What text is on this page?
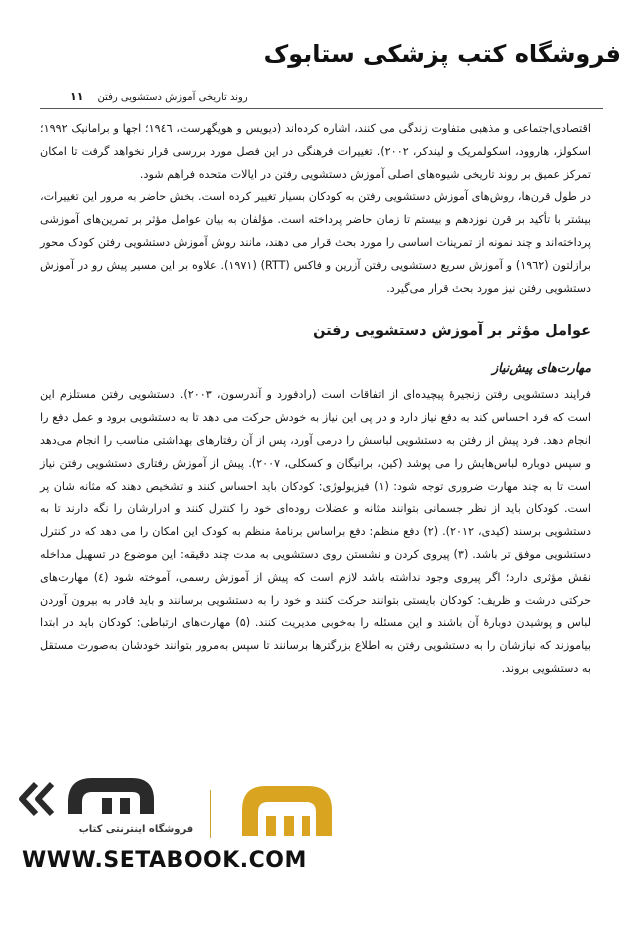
فروشگاه کتب پزشکی ستابوک
روند تاریخی آموزش دستشویی رفتن
۱۱

اقتصادی‌اجتماعی و مذهبی متفاوت زندگی می کنند، اشاره کرده‌اند (دیویس و هویگهرست، ۱۹٤٦؛ اجها و برامانیک ۱۹۹۲؛ اسکولز، هاروود، اسکولمریک و لیندکر، ۲۰۰۲). تغییرات فرهنگی در این فصل مورد بررسی قرار نخواهد گرفت تا امکان تمرکز عمیق بر روند تاریخی شیوه‌های اصلی آموزش دستشویی رفتن در ایالات متحده فراهم شود.

در طول قرن‌ها، روش‌های آموزش دستشویی رفتن به کودکان بسیار تغییر کرده است. بخش حاضر به مرور این تغییرات، بیشتر با تأکید بر قرن نوزدهم و بیستم تا زمان حاضر پرداخته است. مؤلفان به بیان عوامل مؤثر بر تمرین‌های آموزشی پرداخته‌اند و چند نمونه از تمرینات اساسی را مورد بحث قرار می دهند، مانند روش آموزش دستشویی رفتن کودک محور برازلتون (۱۹٦۲) و آموزش سریع دستشویی رفتن آزرین و فاکس (RTT) (۱۹۷۱). علاوه بر این مسیر پیش رو در آموزش دستشویی رفتن نیز مورد بحث قرار می‌گیرد.

عوامل مؤثر بر آموزش دستشویی رفتن

مهارت‌های پیش‌نیاز

فرایند دستشویی رفتن زنجیرهٔ پیچیده‌ای از اتفاقات است (رادفورد و آندرسون، ۲۰۰۳). دستشویی رفتن مستلزم این است که فرد احساس کند به دفع نیاز دارد و در پی این نیاز به خودش حرکت می دهد تا به دستشویی برود و عمل دفع را انجام دهد. فرد پیش از رفتن به دستشویی لباسش را درمی آورد، پس از آن رفتارهای بهداشتی مناسب را انجام می‌دهد و سپس دوباره لباس‌هایش را می پوشد (کین، برانیگان و کسکلی، ۲۰۰۷). پیش از آموزش رفتاری دستشویی رفتن نیاز است تا به چند مهارت ضروری توجه شود: (۱) فیزیولوژی: کودکان باید احساس کنند و تشخیص دهند که مثانه شان پر است. کودکان باید از نظر جسمانی بتوانند مثانه و عضلات روده‌ای خود را کنترل کنند و ادرارشان را نگه دارند تا به دستشویی برسند (کیدی، ۲۰۱۲). (۲) دفع منظم: دفع براساس برنامهٔ منظم به کودک این امکان را می دهد که در کنترل دستشویی موفق تر باشد. (۳) پیروی کردن و نشستن روی دستشویی به مدت چند دقیقه: این موضوع در تسهیل مداخله نقش مؤثری دارد؛ اگر پیروی وجود نداشته باشد لازم است که پیش از آموزش رسمی، آموخته شود (٤) مهارت‌های حرکتی درشت و ظریف: کودکان بایستی بتوانند حرکت کنند و خود را به دستشویی برسانند و باید قادر به بیرون آوردن لباس و پوشیدن دوبارهٔ آن باشند و این مسئله را به‌خوبی مدیریت کنند. (۵) مهارت‌های ارتباطی: کودکان باید در ابتدا بیاموزند که نیازشان را به دستشویی رفتن به اطلاع بزرگترها برسانند تا سپس به‌مرور بتوانند خودشان به‌صورت مستقل به دستشویی بروند.

فروشگاه اینترنتی کتاب
WWW.SETABOOK.COM
